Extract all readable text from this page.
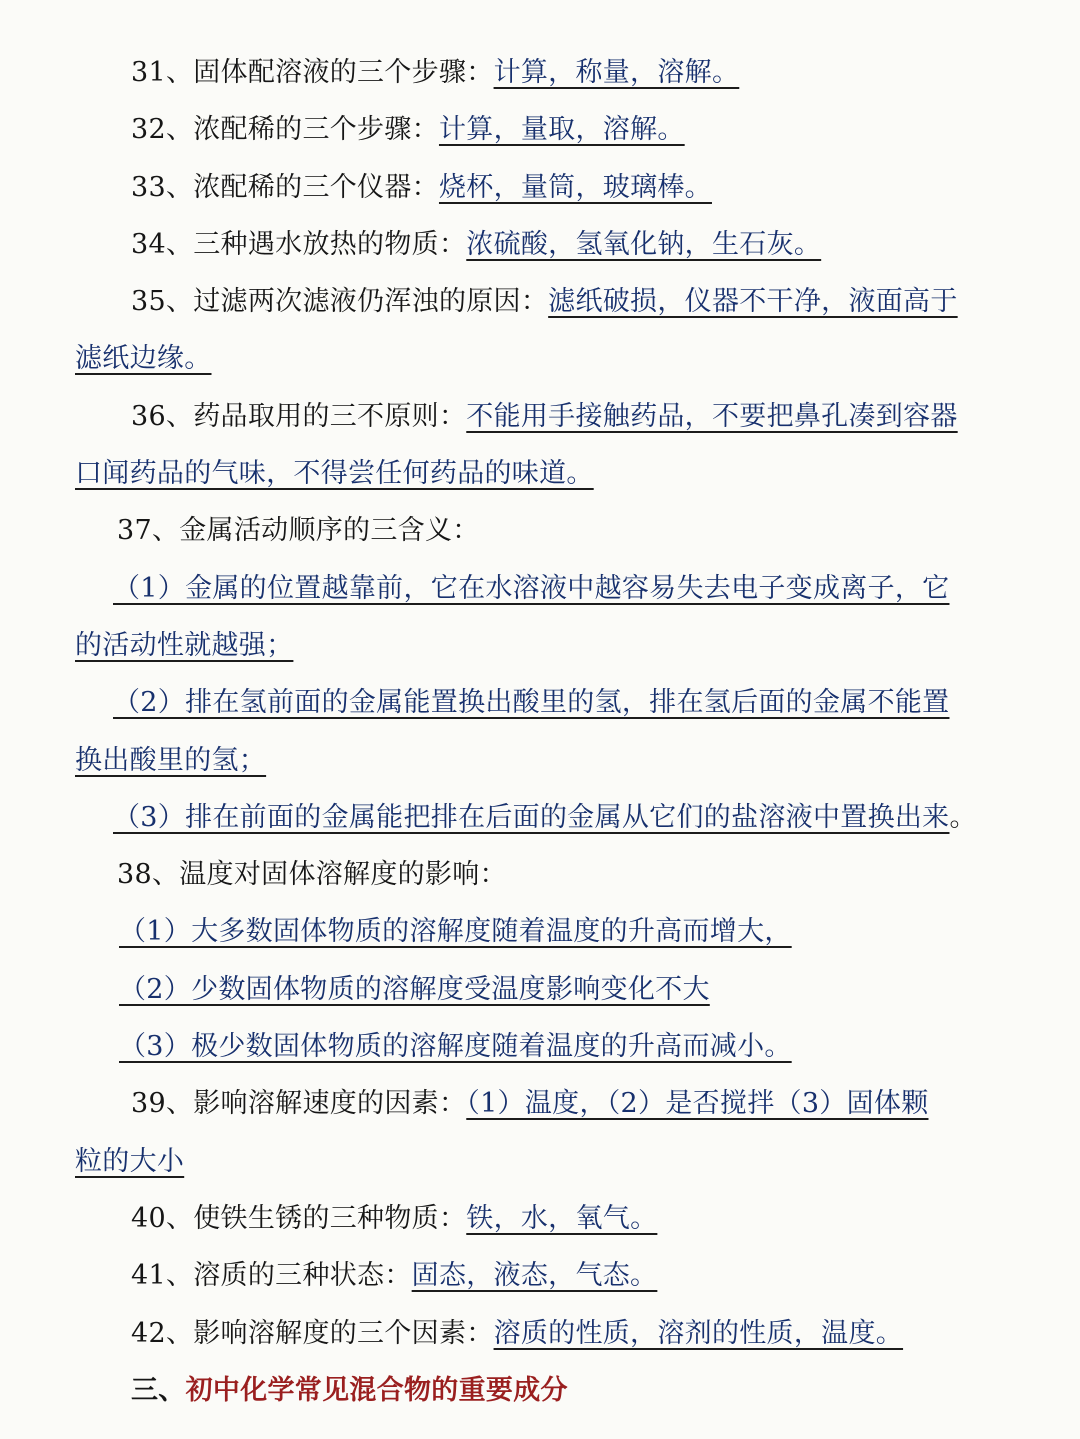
31、固体配溶液的三个步骤：计算，称量，溶解。
32、浓配稀的三个步骤：计算，量取，溶解。
33、浓配稀的三个仪器：烧杯，量筒，玻璃棒。
34、三种遇水放热的物质：浓硫酸，氢氧化钠，生石灰。
35、过滤两次滤液仍浑浊的原因：滤纸破损，仪器不干净，液面高于
滤纸边缘。
36、药品取用的三不原则：不能用手接触药品，不要把鼻孔凑到容器
口闻药品的气味，不得尝任何药品的味道。
37、金属活动顺序的三含义：
（1）金属的位置越靠前，它在水溶液中越容易失去电子变成离子，它
的活动性就越强；
（2）排在氢前面的金属能置换出酸里的氢，排在氢后面的金属不能置
换出酸里的氢；
（3）排在前面的金属能把排在后面的金属从它们的盐溶液中置换出来。
38、温度对固体溶解度的影响：
（1）大多数固体物质的溶解度随着温度的升高而增大，
（2）少数固体物质的溶解度受温度影响变化不大
（3）极少数固体物质的溶解度随着温度的升高而减小。
39、影响溶解速度的因素：（1）温度，（2）是否搅拌（3）固体颗
粒的大小
40、使铁生锈的三种物质：铁，水，氧气。
41、溶质的三种状态：固态，液态，气态。
42、影响溶解度的三个因素：溶质的性质，溶剂的性质，温度。
三、初中化学常见混合物的重要成分
